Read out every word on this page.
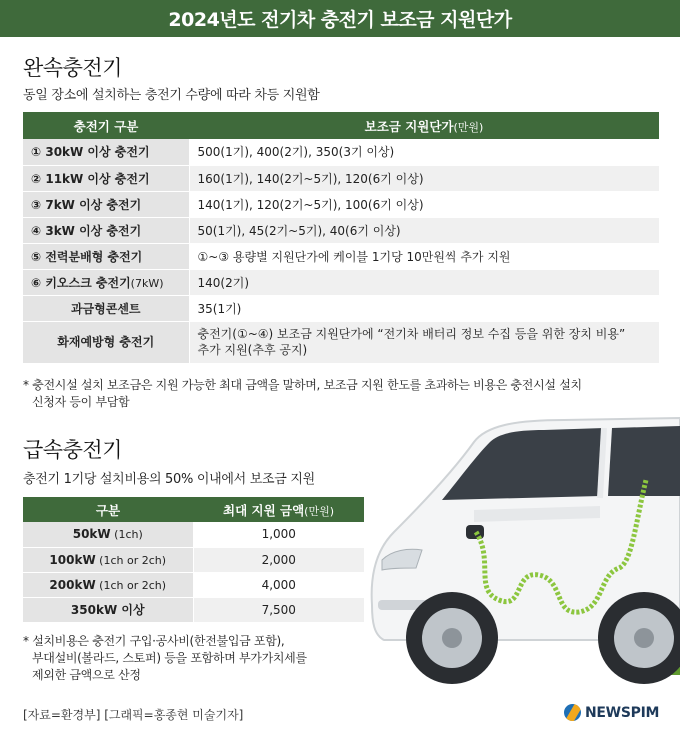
2024년도 전기차 충전기 보조금 지원단가
완속충전기
동일 장소에 설치하는 충전기 수량에 따라 차등 지원함
충전기 구분	보조금 지원단가(만원)
① 30kW 이상 충전기	500(1기), 400(2기), 350(3기 이상)
② 11kW 이상 충전기	160(1기), 140(2기~5기), 120(6기 이상)
③ 7kW 이상 충전기	140(1기), 120(2기~5기), 100(6기 이상)
④ 3kW 이상 충전기	50(1기), 45(2기~5기), 40(6기 이상)
⑤ 전력분배형 충전기	①~③ 용량별 지원단가에 케이블 1기당 10만원씩 추가 지원
⑥ 키오스크 충전기(7kW)	140(2기)
과금형콘센트	35(1기)
화재예방형 충전기	충전기(①~④) 보조금 지원단가에 “전기차 배터리 정보 수집 등을 위한 장치 비용”
추가 지원(추후 공지)
* 충전시설 설치 보조금은 지원 가능한 최대 금액을 말하며, 보조금 지원 한도를 초과하는 비용은 충전시설 설치
신청자 등이 부담함
급속충전기
충전기 1기당 설치비용의 50% 이내에서 보조금 지원
구분	최대 지원 금액(만원)
50kW (1ch)	1,000
100kW (1ch or 2ch)	2,000
200kW (1ch or 2ch)	4,000
350kW 이상	7,500
* 설치비용은 충전기 구입·공사비(한전불입금 포함),
부대설비(볼라드, 스토퍼) 등을 포함하며 부가가치세를
제외한 금액으로 산정
[자료=환경부] [그래픽=홍종현 미술기자]	NEWSPIM
